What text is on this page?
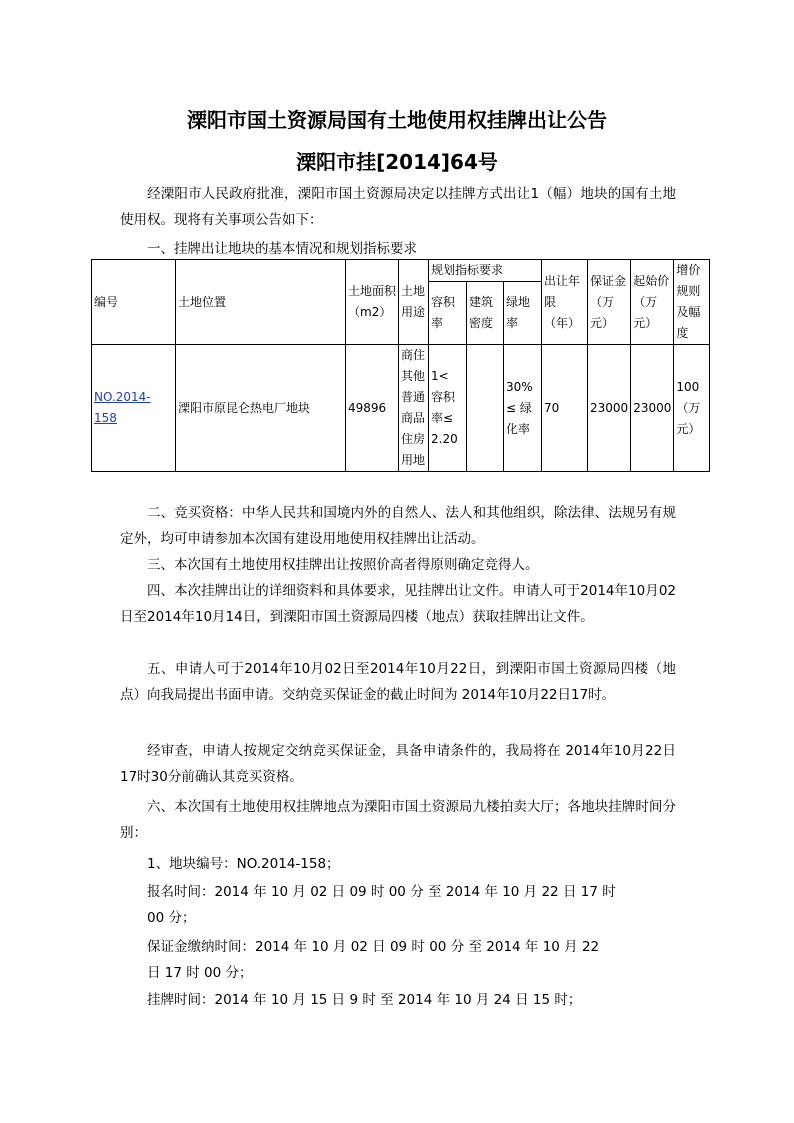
溧阳市国土资源局国有土地使用权挂牌出让公告
溧阳市挂[2014]64号

经溧阳市人民政府批准，溧阳市国土资源局决定以挂牌方式出让1（幅）地块的国有土地使用权。现将有关事项公告如下：

一、挂牌出让地块的基本情况和规划指标要求

编号	土地位置	土地面积（m2）	土地用途	规划指标要求			出让年限（年）	保证金（万元）	起始价（万元）	增价规则及幅度
				容积率	建筑密度	绿地率				
NO.2014-158	溧阳市原昆仑热电厂地块	49896	商住其他普通商品住房用地	1< 容积率≤ 2.20		30% ≤ 绿化率	70	23000	23000	100（万元）

二、竞买资格：中华人民共和国境内外的自然人、法人和其他组织，除法律、法规另有规定外，均可申请参加本次国有建设用地使用权挂牌出让活动。

三、本次国有土地使用权挂牌出让按照价高者得原则确定竞得人。

四、本次挂牌出让的详细资料和具体要求，见挂牌出让文件。申请人可于2014年10月02日至2014年10月14日，到溧阳市国土资源局四楼（地点）获取挂牌出让文件。

五、申请人可于2014年10月02日至2014年10月22日，到溧阳市国土资源局四楼（地点）向我局提出书面申请。交纳竞买保证金的截止时间为 2014年10月22日17时。

经审查，申请人按规定交纳竞买保证金，具备申请条件的，我局将在 2014年10月22日17时30分前确认其竞买资格。

六、本次国有土地使用权挂牌地点为溧阳市国土资源局九楼拍卖大厅；各地块挂牌时间分别：

1、地块编号：NO.2014-158；

报名时间：2014 年 10 月 02 日 09 时 00 分 至 2014 年 10 月 22 日 17 时

00 分；

保证金缴纳时间：2014 年 10 月 02 日 09 时 00 分 至 2014 年 10 月 22

日 17 时 00 分；

挂牌时间：2014 年 10 月 15 日 9 时 至 2014 年 10 月 24 日 15 时；
